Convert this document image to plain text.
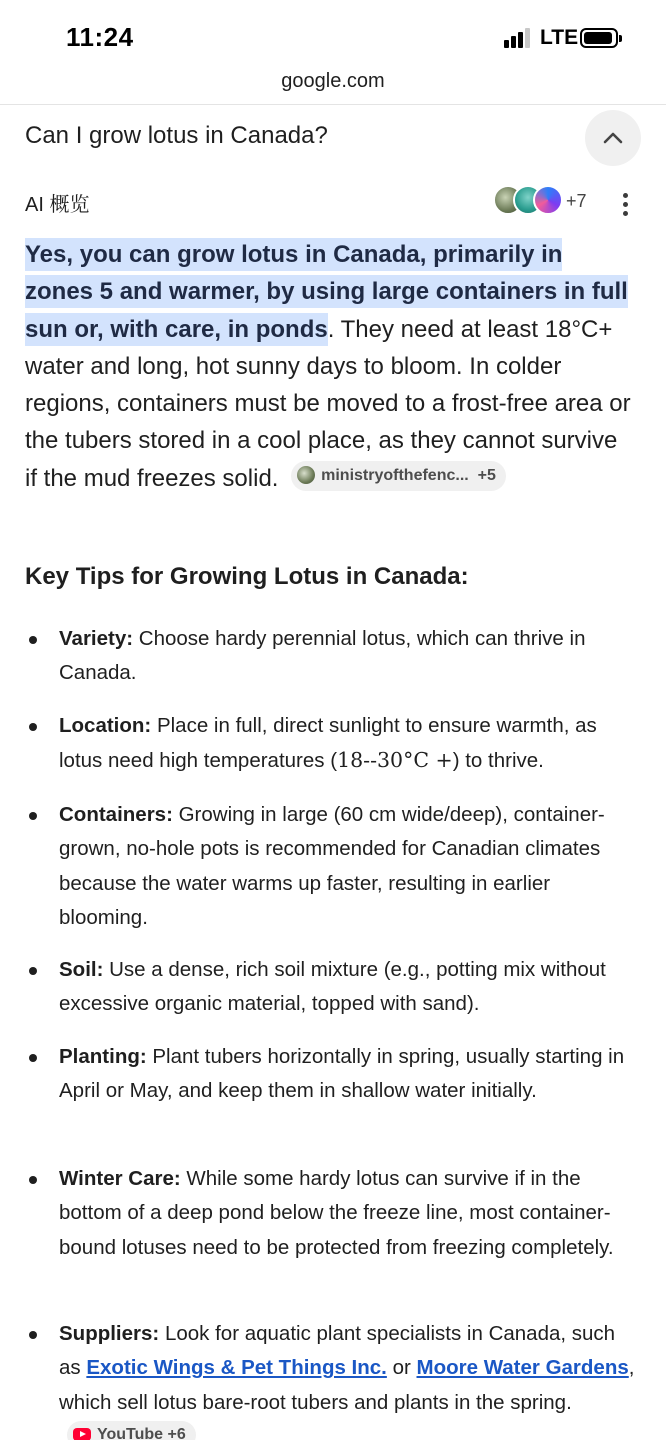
11:24	LTE
google.com
Can I grow lotus in Canada?
AI 概览	+7
Yes, you can grow lotus in Canada, primarily in zones 5 and warmer, by using large containers in full sun or, with care, in ponds. They need at least 18°C+ water and long, hot sunny days to bloom. In colder regions, containers must be moved to a frost-free area or the tubers stored in a cool place, as they cannot survive if the mud freezes solid.	ministryofthefenc... +5
Key Tips for Growing Lotus in Canada:
Variety: Choose hardy perennial lotus, which can thrive in Canada.
Location: Place in full, direct sunlight to ensure warmth, as lotus need high temperatures (18--30°C +) to thrive.
Containers: Growing in large (60 cm wide/deep), container-grown, no-hole pots is recommended for Canadian climates because the water warms up faster, resulting in earlier blooming.
Soil: Use a dense, rich soil mixture (e.g., potting mix without excessive organic material, topped with sand).
Planting: Plant tubers horizontally in spring, usually starting in April or May, and keep them in shallow water initially.
Winter Care: While some hardy lotus can survive if in the bottom of a deep pond below the freeze line, most container-bound lotuses need to be protected from freezing completely.
Suppliers: Look for aquatic plant specialists in Canada, such as Exotic Wings & Pet Things Inc. or Moore Water Gardens, which sell lotus bare-root tubers and plants in the spring.YouTube +6
